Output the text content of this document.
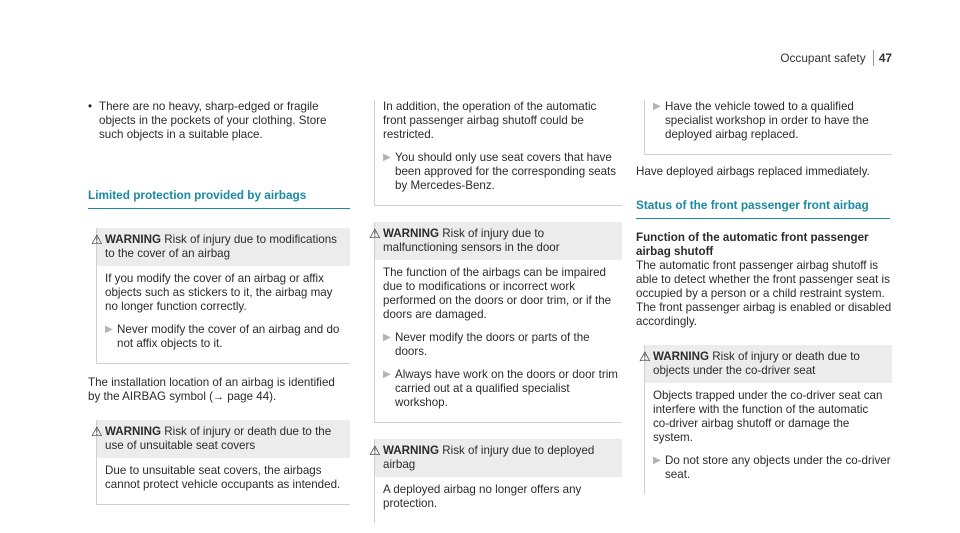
Occupant safety 47
• There are no heavy, sharp-edged or fragile objects in the pockets of your clothing. Store such objects in a suitable place.
Limited protection provided by airbags
⚠ WARNING Risk of injury due to modifications to the cover of an airbag
If you modify the cover of an airbag or affix objects such as stickers to it, the airbag may no longer function correctly.
▶ Never modify the cover of an airbag and do not affix objects to it.

The installation location of an airbag is identified by the AIRBAG symbol (→ page 44).

⚠ WARNING Risk of injury or death due to the use of unsuitable seat covers
Due to unsuitable seat covers, the airbags cannot protect vehicle occupants as intended.

In addition, the operation of the automatic front passenger airbag shutoff could be restricted.

▶ You should only use seat covers that have been approved for the corresponding seats by Mercedes-Benz.
⚠ WARNING Risk of injury due to malfunctioning sensors in the door
The function of the airbags can be impaired due to modifications or incorrect work performed on the doors or door trim, or if the doors are damaged.
▶ Never modify the doors or parts of the doors.
▶ Always have work on the doors or door trim carried out at a qualified specialist workshop.
⚠ WARNING Risk of injury due to deployed airbag
A deployed airbag no longer offers any protection.
▶ Have the vehicle towed to a qualified specialist workshop in order to have the deployed airbag replaced.

Have deployed airbags replaced immediately.

Status of the front passenger front airbag
Function of the automatic front passenger airbag shutoff

The automatic front passenger airbag shutoff is able to detect whether the front passenger seat is occupied by a person or a child restraint system. The front passenger airbag is enabled or disabled accordingly.

⚠ WARNING Risk of injury or death due to objects under the co-driver seat
Objects trapped under the co-driver seat can interfere with the function of the automatic co-driver airbag shutoff or damage the system.
▶ Do not store any objects under the co-driver seat.
